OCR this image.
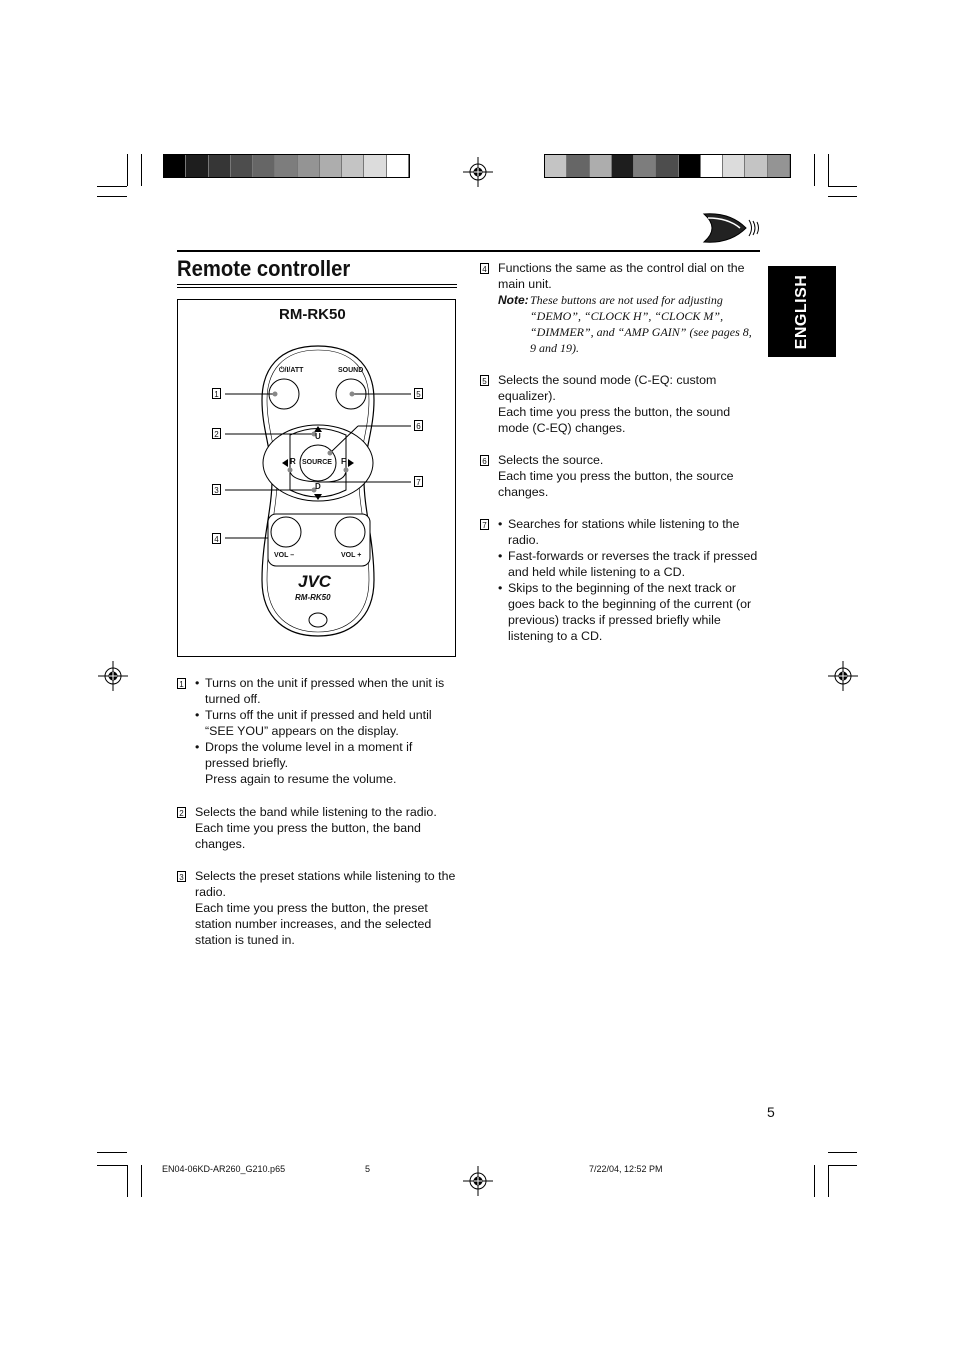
Remote controller
ENGLISH
RM-RK50
⏻/I/ATT	SOUND
U
D
R	F
SOURCE
VOL –	VOL +
JVC
RM-RK50
1
2
3
4
5
6
7
1	• Turns on the unit if pressed when the unit is turned off.
• Turns off the unit if pressed and held until “SEE YOU” appears on the display.
• Drops the volume level in a moment if pressed briefly.
Press again to resume the volume.
2 Selects the band while listening to the radio.
Each time you press the button, the band changes.
3 Selects the preset stations while listening to the radio.
Each time you press the button, the preset station number increases, and the selected station is tuned in.
4 Functions the same as the control dial on the main unit.
Note: These buttons are not used for adjusting “DEMO”, “CLOCK H”, “CLOCK M”, “DIMMER”, and “AMP GAIN” (see pages 8, 9 and 19).
5 Selects the sound mode (C-EQ: custom equalizer).
Each time you press the button, the sound mode (C-EQ) changes.
6 Selects the source.
Each time you press the button, the source changes.
7	• Searches for stations while listening to the radio.
• Fast-forwards or reverses the track if pressed and held while listening to a CD.
• Skips to the beginning of the next track or goes back to the beginning of the current (or previous) tracks if pressed briefly while listening to a CD.
5
EN04-06KD-AR260_G210.p65	5	7/22/04, 12:52 PM
